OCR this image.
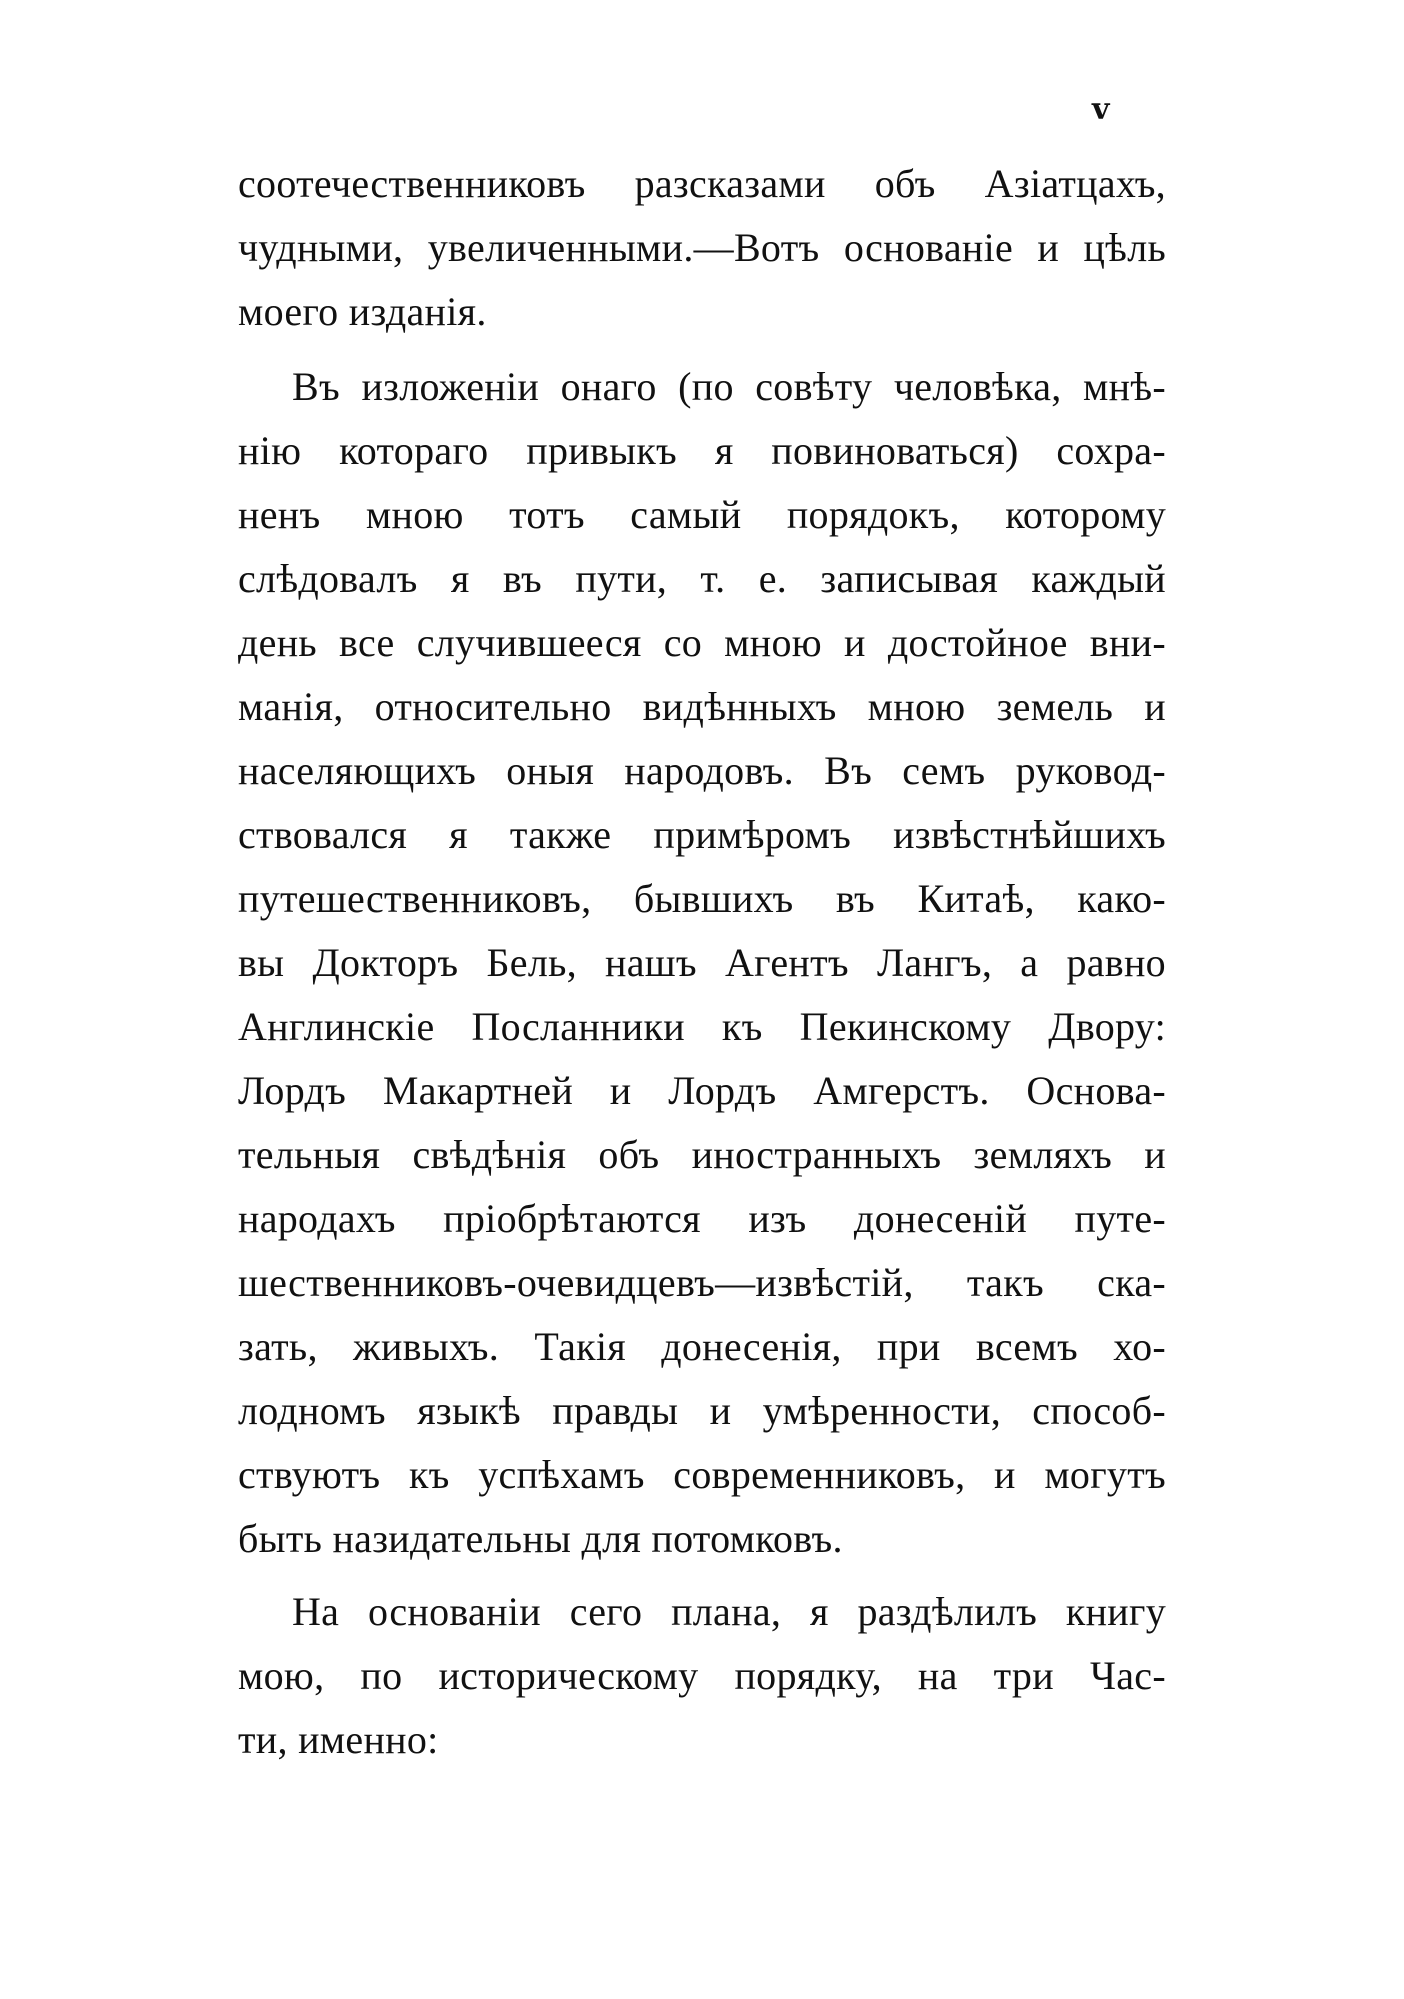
v
соотечественниковъ разсказами объ Азіатцахъ,
чудными, увеличенными.—Вотъ основаніе и цѣль
моего изданія.
Въ изложеніи онаго (по совѣту человѣка, мнѣ-
нію котораго привыкъ я повиноваться) сохра-
ненъ мною тотъ самый порядокъ, которому
слѣдовалъ я въ пути, т. е. записывая каждый
день все случившееся со мною и достойное вни-
манія, относительно видѣнныхъ мною земель и
населяющихъ оныя народовъ. Въ семъ руковод-
ствовался я также примѣромъ извѣстнѣйшихъ
путешественниковъ, бывшихъ въ Китаѣ, како-
вы Докторъ Бель, нашъ Агентъ Лангъ, а равно
Англинскіе Посланники къ Пекинскому Двору:
Лордъ Макартней и Лордъ Амгерстъ. Основа-
тельныя свѣдѣнія объ иностранныхъ земляхъ и
народахъ пріобрѣтаются изъ донесеній путе-
шественниковъ-очевидцевъ—извѣстій, такъ ска-
зать, живыхъ. Такія донесенія, при всемъ хо-
лодномъ языкѣ правды и умѣренности, способ-
ствуютъ къ успѣхамъ современниковъ, и могутъ
быть назидательны для потомковъ.
На основаніи сего плана, я раздѣлилъ книгу
мою, по историческому порядку, на три Час-
ти, именно:
